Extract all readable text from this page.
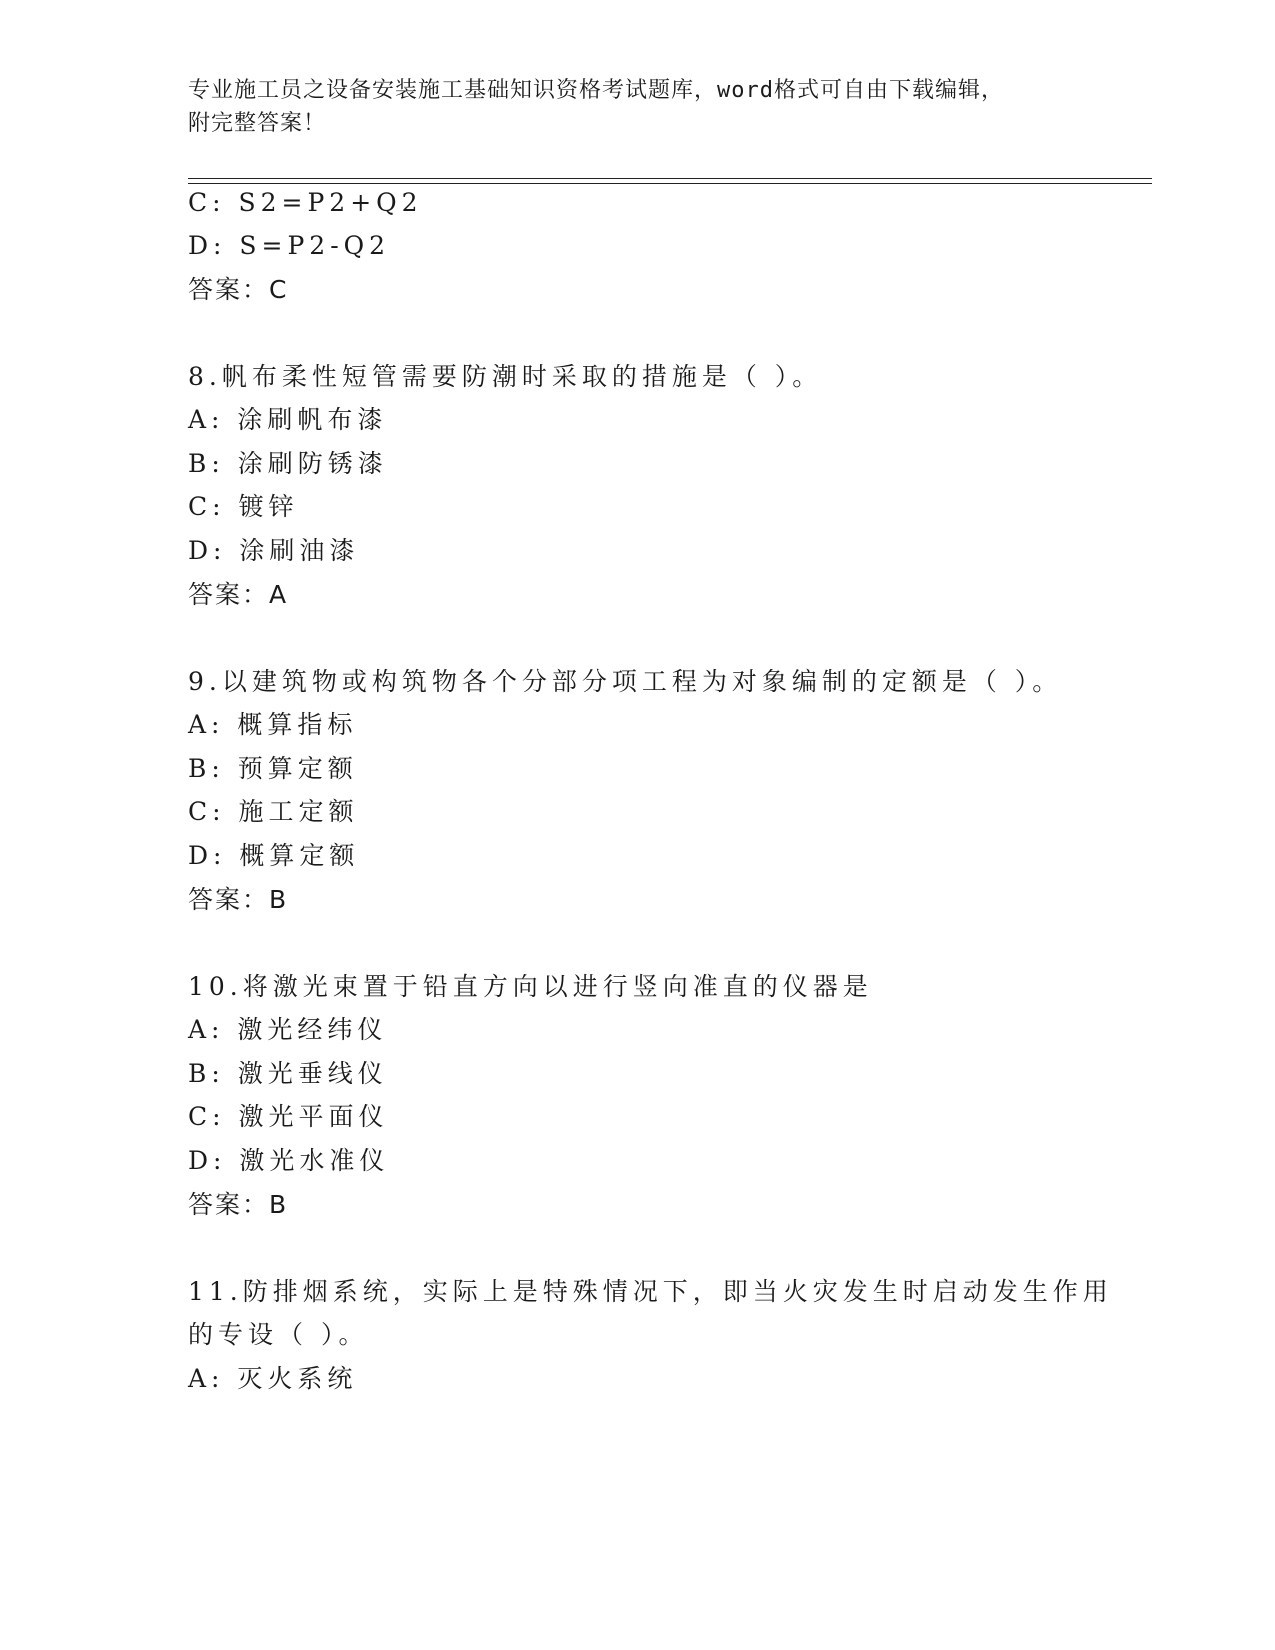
专业施工员之设备安装施工基础知识资格考试题库，word格式可自由下载编辑，
附完整答案！
C: S2=P2+Q2
D: S=P2-Q2
答案：C
8.帆布柔性短管需要防潮时采取的措施是（ ）。
A: 涂刷帆布漆
B: 涂刷防锈漆
C: 镀锌
D: 涂刷油漆
答案：A
9.以建筑物或构筑物各个分部分项工程为对象编制的定额是（ ）。
A: 概算指标
B: 预算定额
C: 施工定额
D: 概算定额
答案：B
10.将激光束置于铅直方向以进行竖向准直的仪器是
A: 激光经纬仪
B: 激光垂线仪
C: 激光平面仪
D: 激光水准仪
答案：B
11.防排烟系统，实际上是特殊情况下，即当火灾发生时启动发生作用
的专设（ ）。
A: 灭火系统
